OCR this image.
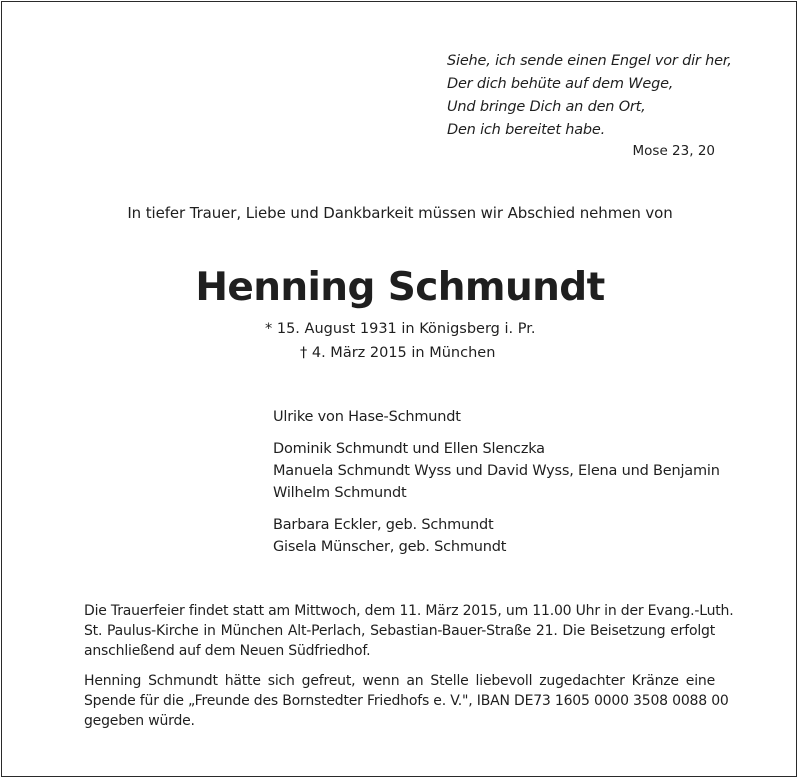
Siehe, ich sende einen Engel vor dir her,
Der dich behüte auf dem Wege,
Und bringe Dich an den Ort,
Den ich bereitet habe.
Mose 23, 20
In tiefer Trauer, Liebe und Dankbarkeit müssen wir Abschied nehmen von
Henning Schmundt
* 15. August 1931 in Königsberg i. Pr.
† 4. März 2015 in München
Ulrike von Hase-Schmundt
Dominik Schmundt und Ellen Slenczka
Manuela Schmundt Wyss und David Wyss, Elena und Benjamin
Wilhelm Schmundt
Barbara Eckler, geb. Schmundt
Gisela Münscher, geb. Schmundt
Die Trauerfeier findet statt am Mittwoch, dem 11. März 2015, um 11.00 Uhr in der Evang.-Luth.
St. Paulus-Kirche in München Alt-Perlach, Sebastian-Bauer-Straße 21. Die Beisetzung erfolgt
anschließend auf dem Neuen Südfriedhof.
Henning Schmundt hätte sich gefreut, wenn an Stelle liebevoll zugedachter Kränze eine
Spende für die „Freunde des Bornstedter Friedhofs e. V.", IBAN DE73 1605 0000 3508 0088 00
gegeben würde.
